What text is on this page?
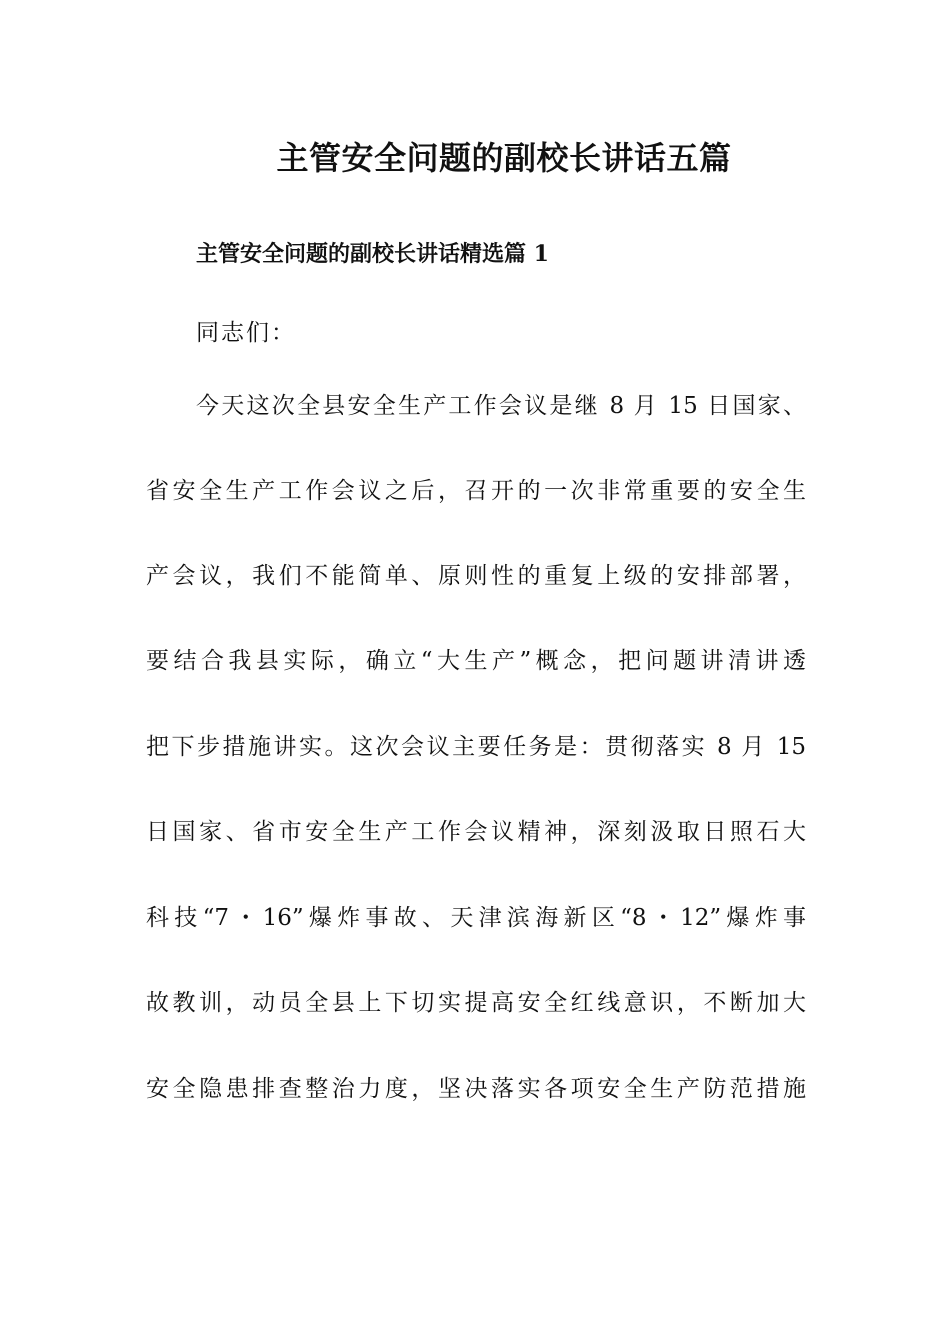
主管安全问题的副校长讲话五篇
主管安全问题的副校长讲话精选篇 1
同志们：
今天这次全县安全生产工作会议是继 8 月 15 日国家、
省安全生产工作会议之后，召开的一次非常重要的安全生
产会议，我们不能简单、原则性的重复上级的安排部署，
要结合我县实际，确立“大生产”概念，把问题讲清讲透
把下步措施讲实。这次会议主要任务是：贯彻落实 8 月 15
日国家、省市安全生产工作会议精神，深刻汲取日照石大
科技“7・16”爆炸事故、天津滨海新区“8・12”爆炸事
故教训，动员全县上下切实提高安全红线意识，不断加大
安全隐患排查整治力度，坚决落实各项安全生产防范措施
